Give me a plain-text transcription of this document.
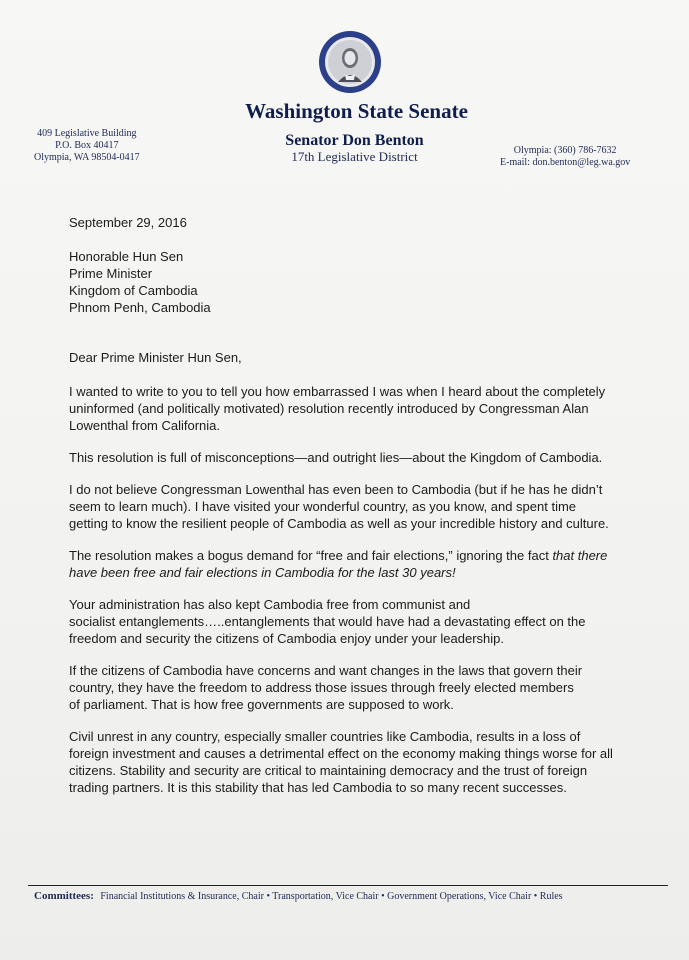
Washington State Senate
409 Legislative Building
P.O. Box 40417
Olympia, WA 98504-0417
Senator Don Benton
17th Legislative District	Olympia: (360) 786-7632
E-mail: don.benton@leg.wa.gov

September 29, 2016

Honorable Hun Sen

Prime Minister

Kingdom of Cambodia

Phnom Penh, Cambodia

Dear Prime Minister Hun Sen,

I wanted to write to you to tell you how embarrassed I was when I heard about the completely

uninformed (and politically motivated) resolution recently introduced by Congressman Alan

Lowenthal from California.

This resolution is full of misconceptions—and outright lies—about the Kingdom of Cambodia.

I do not believe Congressman Lowenthal has even been to Cambodia (but if he has he didn’t

seem to learn much). I have visited your wonderful country, as you know, and spent time

getting to know the resilient people of Cambodia as well as your incredible history and culture.

The resolution makes a bogus demand for “free and fair elections,” ignoring the fact that there

have been free and fair elections in Cambodia for the last 30 years!

Your administration has also kept Cambodia free from communist and

socialist entanglements…..entanglements that would have had a devastating effect on the

freedom and security the citizens of Cambodia enjoy under your leadership.

If the citizens of Cambodia have concerns and want changes in the laws that govern their

country, they have the freedom to address those issues through freely elected members

of parliament. That is how free governments are supposed to work.

Civil unrest in any country, especially smaller countries like Cambodia, results in a loss of

foreign investment and causes a detrimental effect on the economy making things worse for all

citizens. Stability and security are critical to maintaining democracy and the trust of foreign

trading partners. It is this stability that has led Cambodia to so many recent successes.

Committees: Financial Institutions & Insurance, Chair • Transportation, Vice Chair • Government Operations, Vice Chair • Rules
